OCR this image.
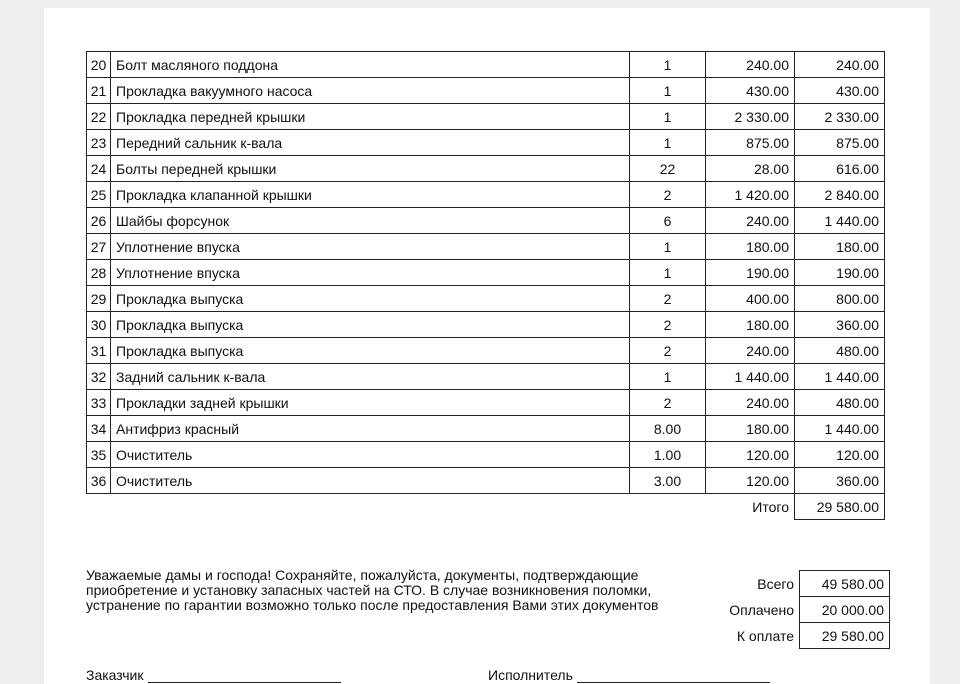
20	Болт масляного поддона	1	240.00	240.00
21	Прокладка вакуумного насоса	1	430.00	430.00
22	Прокладка передней крышки	1	2 330.00	2 330.00
23	Передний сальник к-вала	1	875.00	875.00
24	Болты передней крышки	22	28.00	616.00
25	Прокладка клапанной крышки	2	1 420.00	2 840.00
26	Шайбы форсунок	6	240.00	1 440.00
27	Уплотнение впуска	1	180.00	180.00
28	Уплотнение впуска	1	190.00	190.00
29	Прокладка выпуска	2	400.00	800.00
30	Прокладка выпуска	2	180.00	360.00
31	Прокладка выпуска	2	240.00	480.00
32	Задний сальник к-вала	1	1 440.00	1 440.00
33	Прокладки задней крышки	2	240.00	480.00
34	Антифриз красный	8.00	180.00	1 440.00
35	Очиститель	1.00	120.00	120.00
36	Очиститель	3.00	120.00	360.00
			Итого	29 580.00
Уважаемые дамы и господа! Сохраняйте, пожалуйста, документы, подтверждающие приобретение и установку запасных частей на СТО. В случае возникновения поломки, устранение по гарантии возможно только после предоставления Вами этих документов
Всего	49 580.00
Оплачено	20 000.00
К оплате	29 580.00
Заказчик	Исполнитель
